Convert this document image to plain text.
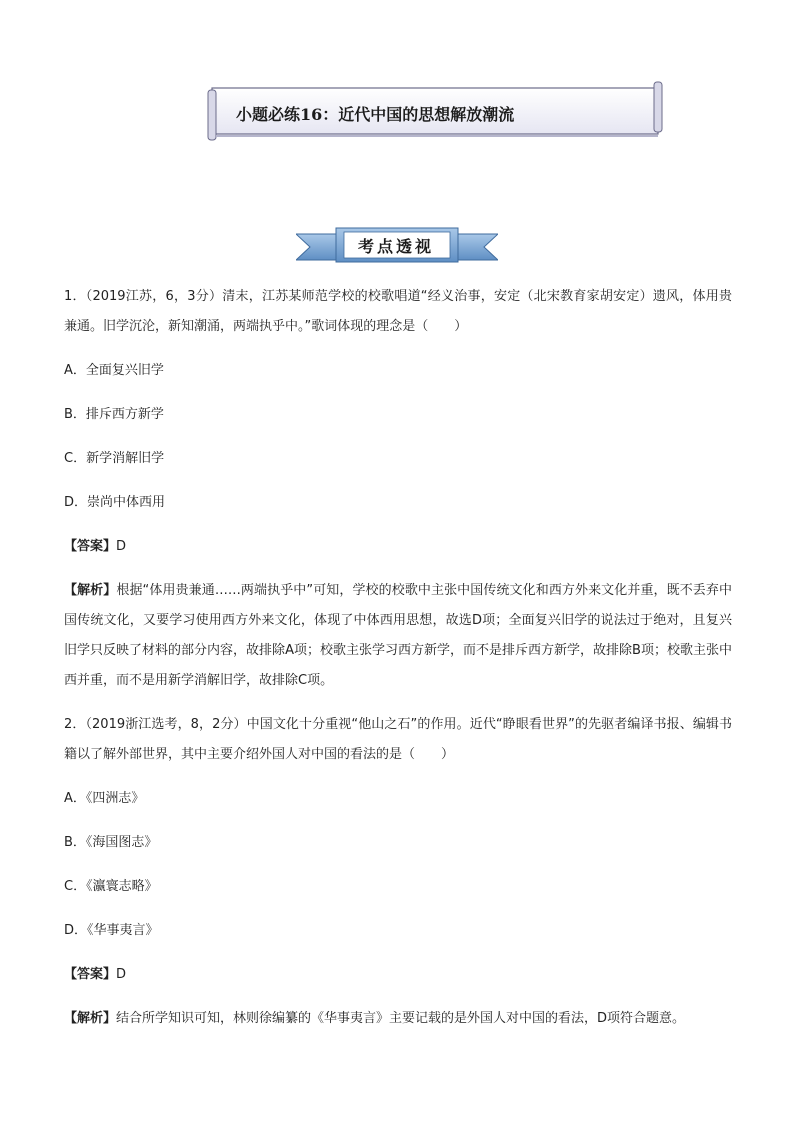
小题必练16：近代中国的思想解放潮流
考点透视

1．（2019江苏，6，3分）清末，江苏某师范学校的校歌唱道“经义治事，安定（北宋教育家胡安定）遗风，体用贵兼通。旧学沉沦，新知潮涌，两端执乎中。”歌词体现的理念是（　　）

A．全面复兴旧学

B．排斥西方新学

C．新学消解旧学

D．崇尚中体西用

【答案】D

【解析】根据“体用贵兼通……两端执乎中”可知，学校的校歌中主张中国传统文化和西方外来文化并重，既不丢弃中国传统文化，又要学习使用西方外来文化，体现了中体西用思想，故选D项；全面复兴旧学的说法过于绝对，且复兴旧学只反映了材料的部分内容，故排除A项；校歌主张学习西方新学，而不是排斥西方新学，故排除B项；校歌主张中西并重，而不是用新学消解旧学，故排除C项。

2．（2019浙江选考，8，2分）中国文化十分重视“他山之石”的作用。近代“睁眼看世界”的先驱者编译书报、编辑书籍以了解外部世界，其中主要介绍外国人对中国的看法的是（　　）

A．《四洲志》

B．《海国图志》

C．《瀛寰志略》

D．《华事夷言》

【答案】D

【解析】结合所学知识可知，林则徐编纂的《华事夷言》主要记载的是外国人对中国的看法，D项符合题意。
